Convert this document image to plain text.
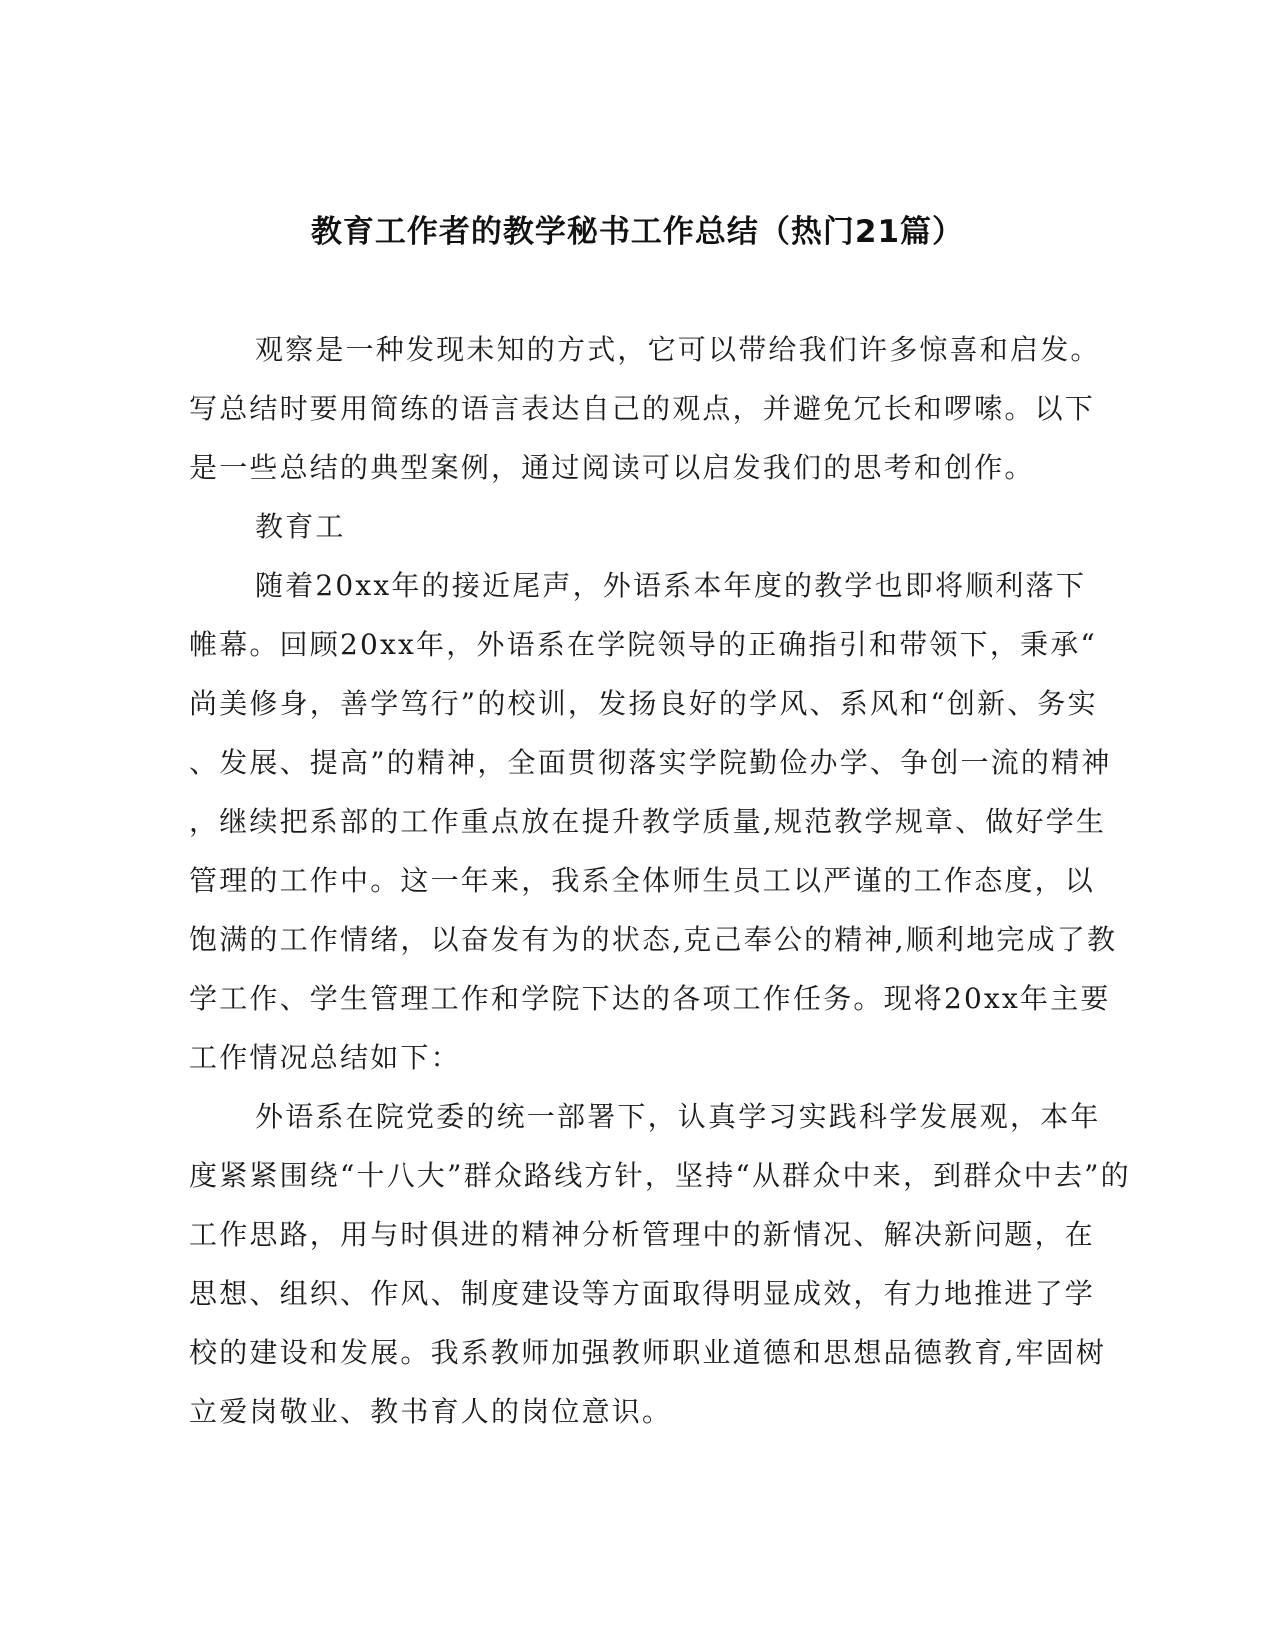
教育工作者的教学秘书工作总结（热门21篇）
观察是一种发现未知的方式，它可以带给我们许多惊喜和启发。
写总结时要用简练的语言表达自己的观点，并避免冗长和啰嗦。以下
是一些总结的典型案例，通过阅读可以启发我们的思考和创作。
教育工
随着20xx年的接近尾声，外语系本年度的教学也即将顺利落下
帷幕。回顾20xx年，外语系在学院领导的正确指引和带领下，秉承“
尚美修身，善学笃行”的校训，发扬良好的学风、系风和“创新、务实
、发展、提高”的精神，全面贯彻落实学院勤俭办学、争创一流的精神
，继续把系部的工作重点放在提升教学质量,规范教学规章、做好学生
管理的工作中。这一年来，我系全体师生员工以严谨的工作态度，以
饱满的工作情绪，以奋发有为的状态,克己奉公的精神,顺利地完成了教
学工作、学生管理工作和学院下达的各项工作任务。现将20xx年主要
工作情况总结如下：
外语系在院党委的统一部署下，认真学习实践科学发展观，本年
度紧紧围绕“十八大”群众路线方针，坚持“从群众中来，到群众中去”的
工作思路，用与时俱进的精神分析管理中的新情况、解决新问题，在
思想、组织、作风、制度建设等方面取得明显成效，有力地推进了学
校的建设和发展。我系教师加强教师职业道德和思想品德教育,牢固树
立爱岗敬业、教书育人的岗位意识。
